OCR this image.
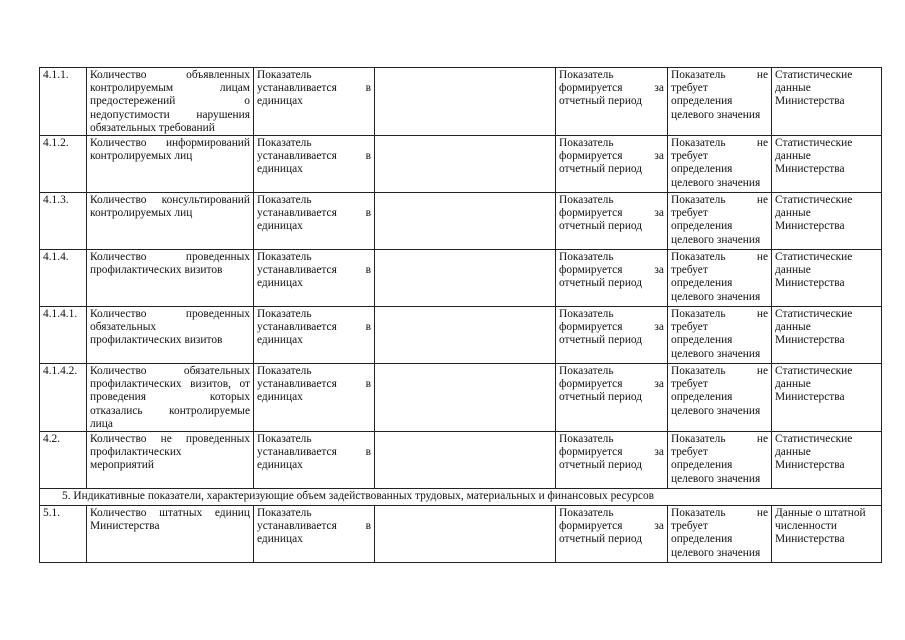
4.1.1.	Количество объявленных
контролируемым лицам
предостережений о
недопустимости нарушения
обязательных требований	Показатель
устанавливается в
единицах		Показатель
формируется за
отчетный период	Показатель не
требует
определения
целевого значения	Статистические
данные
Министерства

4.1.2.	Количество информирований
контролируемых лиц	Показатель
устанавливается в
единицах		Показатель
формируется за
отчетный период	Показатель не
требует
определения
целевого значения	Статистические
данные
Министерства

4.1.3.	Количество консультирований
контролируемых лиц	Показатель
устанавливается в
единицах		Показатель
формируется за
отчетный период	Показатель не
требует
определения
целевого значения	Статистические
данные
Министерства

4.1.4.	Количество проведенных
профилактических визитов	Показатель
устанавливается в
единицах		Показатель
формируется за
отчетный период	Показатель не
требует
определения
целевого значения	Статистические
данные
Министерства

4.1.4.1.	Количество проведенных
обязательных
профилактических визитов	Показатель
устанавливается в
единицах		Показатель
формируется за
отчетный период	Показатель не
требует
определения
целевого значения	Статистические
данные
Министерства

4.1.4.2.	Количество обязательных
профилактических визитов, от
проведения которых
отказались контролируемые
лица	Показатель
устанавливается в
единицах		Показатель
формируется за
отчетный период	Показатель не
требует
определения
целевого значения	Статистические
данные
Министерства

4.2.	Количество не проведенных
профилактических
мероприятий	Показатель
устанавливается в
единицах		Показатель
формируется за
отчетный период	Показатель не
требует
определения
целевого значения	Статистические
данные
Министерства

5. Индикативные показатели, характеризующие объем задействованных трудовых, материальных и финансовых ресурсов						
5.1.	Количество штатных единиц
Министерства	Показатель
устанавливается в
единицах		Показатель
формируется за
отчетный период	Показатель не
требует
определения
целевого значения	Данные о штатной
численности
Министерства
